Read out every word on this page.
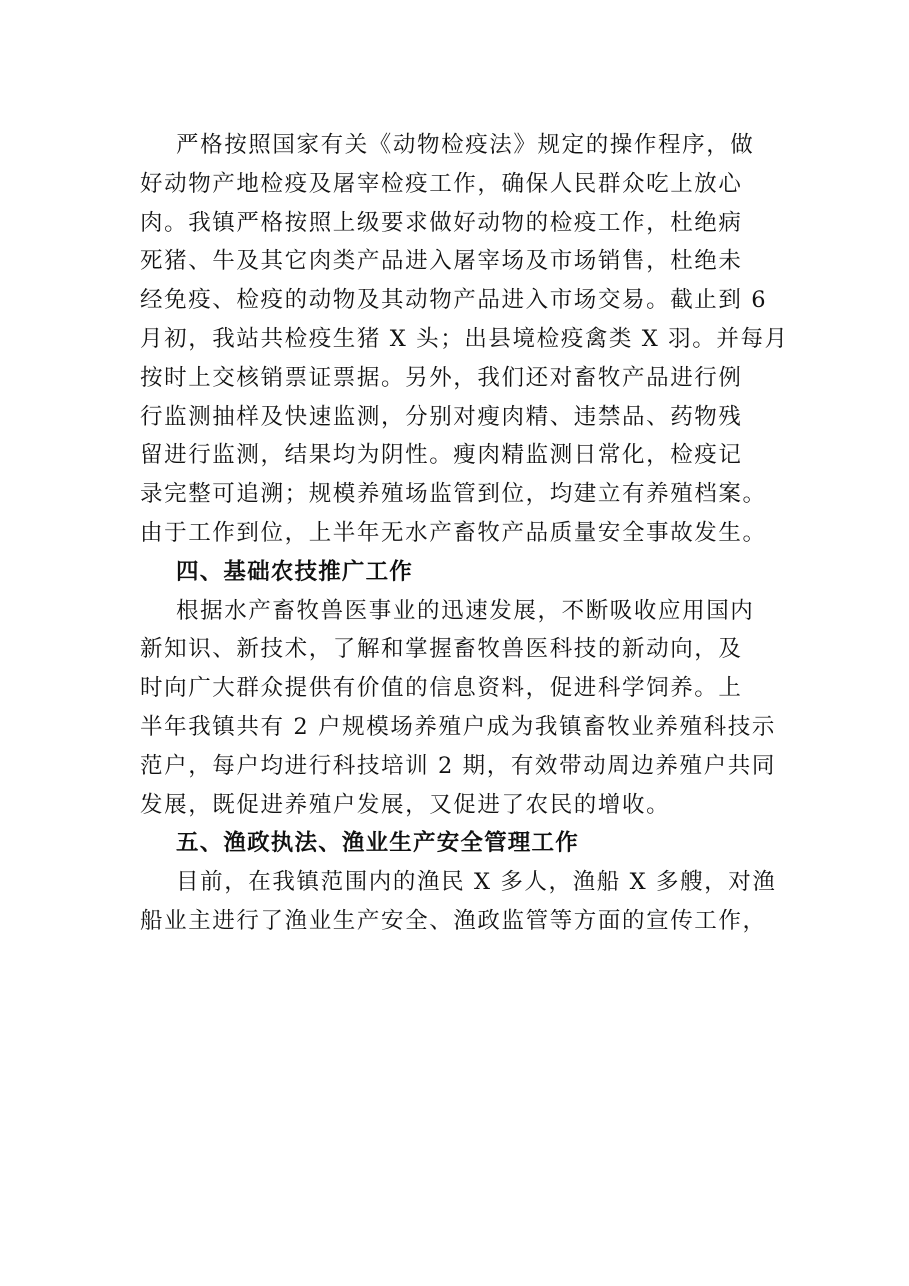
严格按照国家有关《动物检疫法》规定的操作程序，做
好动物产地检疫及屠宰检疫工作，确保人民群众吃上放心
肉。我镇严格按照上级要求做好动物的检疫工作，杜绝病
死猪、牛及其它肉类产品进入屠宰场及市场销售，杜绝未
经免疫、检疫的动物及其动物产品进入市场交易。截止到 6
月初，我站共检疫生猪 X 头；出县境检疫禽类 X 羽。并每月
按时上交核销票证票据。另外，我们还对畜牧产品进行例
行监测抽样及快速监测，分别对瘦肉精、违禁品、药物残
留进行监测，结果均为阴性。瘦肉精监测日常化，检疫记
录完整可追溯；规模养殖场监管到位，均建立有养殖档案。
由于工作到位，上半年无水产畜牧产品质量安全事故发生。
四、基础农技推广工作
根据水产畜牧兽医事业的迅速发展，不断吸收应用国内
新知识、新技术，了解和掌握畜牧兽医科技的新动向，及
时向广大群众提供有价值的信息资料，促进科学饲养。上
半年我镇共有 2 户规模场养殖户成为我镇畜牧业养殖科技示
范户，每户均进行科技培训 2 期，有效带动周边养殖户共同
发展，既促进养殖户发展，又促进了农民的增收。
五、渔政执法、渔业生产安全管理工作
目前，在我镇范围内的渔民 X 多人，渔船 X 多艘，对渔
船业主进行了渔业生产安全、渔政监管等方面的宣传工作，
